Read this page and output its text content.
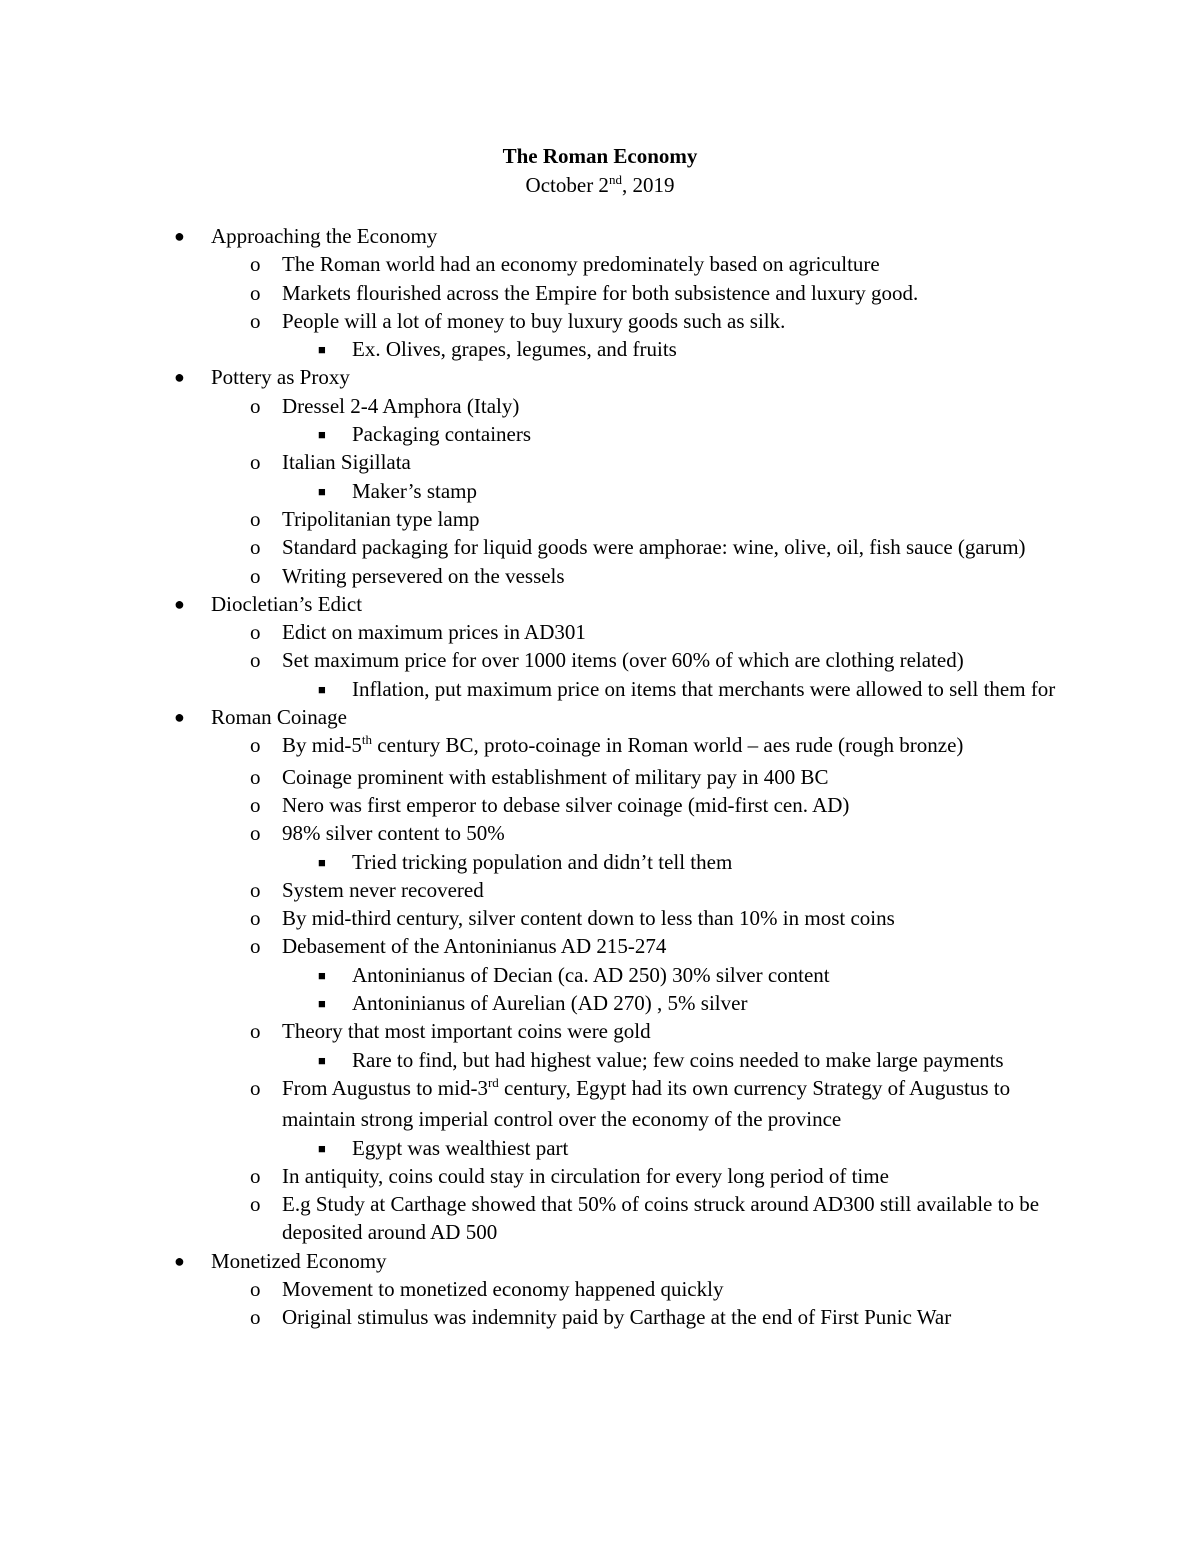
The Roman Economy
October 2nd, 2019
● Approaching the Economy
o The Roman world had an economy predominately based on agriculture
o Markets flourished across the Empire for both subsistence and luxury good.
o People will a lot of money to buy luxury goods such as silk.
■ Ex. Olives, grapes, legumes, and fruits
● Pottery as Proxy
o Dressel 2-4 Amphora (Italy)
■ Packaging containers
o Italian Sigillata
■ Maker’s stamp
o Tripolitanian type lamp
o Standard packaging for liquid goods were amphorae: wine, olive, oil, fish sauce (garum)
o Writing persevered on the vessels
● Diocletian’s Edict
o Edict on maximum prices in AD301
o Set maximum price for over 1000 items (over 60% of which are clothing related)
■ Inflation, put maximum price on items that merchants were allowed to sell them for
● Roman Coinage
o By mid-5th century BC, proto-coinage in Roman world – aes rude (rough bronze)
o Coinage prominent with establishment of military pay in 400 BC
o Nero was first emperor to debase silver coinage (mid-first cen. AD)
o 98% silver content to 50%
■ Tried tricking population and didn’t tell them
o System never recovered
o By mid-third century, silver content down to less than 10% in most coins
o Debasement of the Antoninianus AD 215-274
■ Antoninianus of Decian (ca. AD 250) 30% silver content
■ Antoninianus of Aurelian (AD 270) , 5% silver
o Theory that most important coins were gold
■ Rare to find, but had highest value; few coins needed to make large payments
o From Augustus to mid-3rd century, Egypt had its own currency Strategy of Augustus to maintain strong imperial control over the economy of the province
■ Egypt was wealthiest part
o In antiquity, coins could stay in circulation for every long period of time
o E.g Study at Carthage showed that 50% of coins struck around AD300 still available to be deposited around AD 500
● Monetized Economy
o Movement to monetized economy happened quickly
o Original stimulus was indemnity paid by Carthage at the end of First Punic War
